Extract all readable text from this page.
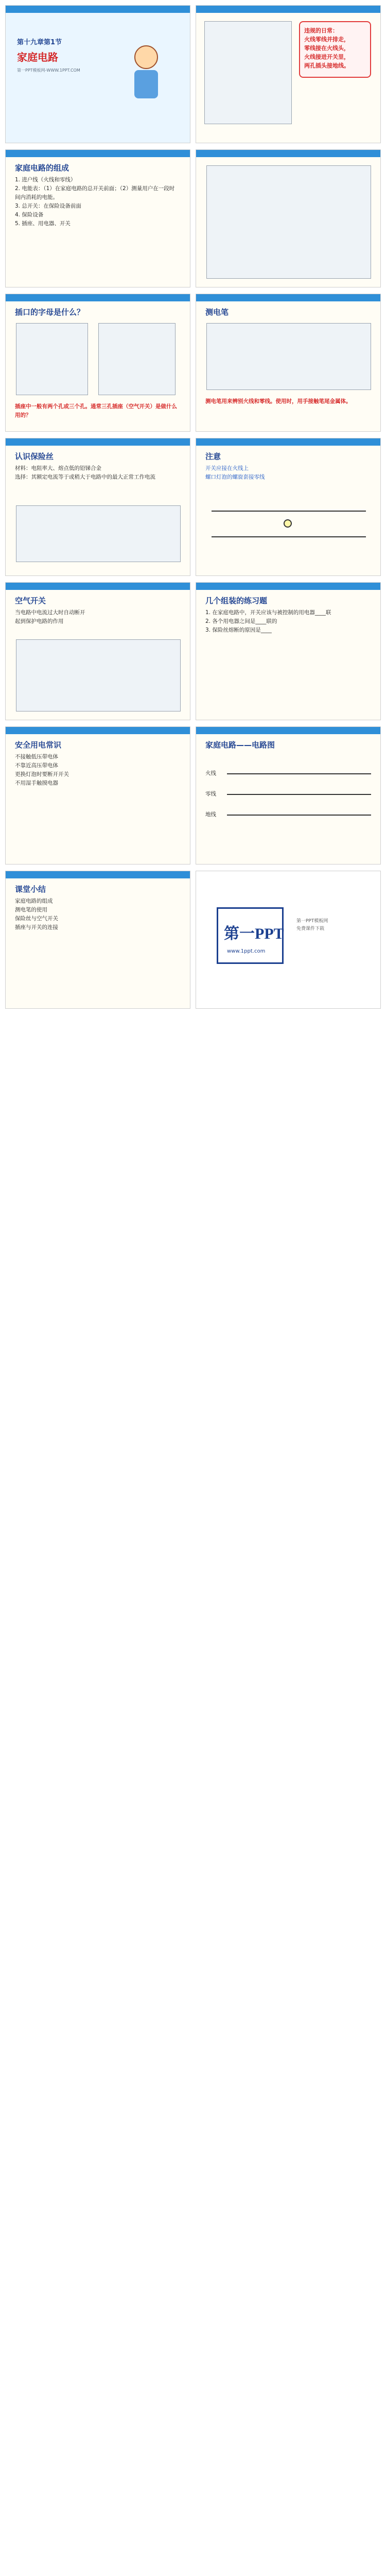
第十九章第1节
家庭电路
第一PPT模板网-WWW.1PPT.COM
违规的日常：
火线零线并排走，
零线接在火线头，
火线接进开关里，
两孔插头接地线。
家庭电路的组成

1. 进户线（火线和零线）

2. 电能表：（1）在家庭电路的总开关前面；（2）测量用户在一段时间内消耗的电能。

3. 总开关：在保险设备前面

4. 保险设备

5. 插座、用电器、开关

插口的字母是什么？

插座中一般有两个孔或三个孔。通常三孔插座（空气开关）是做什么用的？

测电笔

测电笔用来辨别火线和零线。使用时，用手接触笔尾金属体。

认识保险丝

材料：电阻率大、熔点低的铅锑合金

选择：其额定电流等于或稍大于电路中的最大正常工作电流

注意

开关应接在火线上

螺口灯泡的螺旋套接零线

空气开关

当电路中电流过大时自动断开

起到保护电路的作用

几个组装的练习题

1. 在家庭电路中，开关应该与被控制的用电器____联

2. 各个用电器之间是____联的

3. 保险丝熔断的原因是____

安全用电常识

不接触低压带电体

不靠近高压带电体

更换灯泡时要断开开关

不用湿手触摸电器

家庭电路——电路图

火线

零线

地线

课堂小结

家庭电路的组成

测电笔的使用

保险丝与空气开关

插座与开关的连接	第一PPT
www.1ppt.com
第一PPT模板网
免费课件下载
